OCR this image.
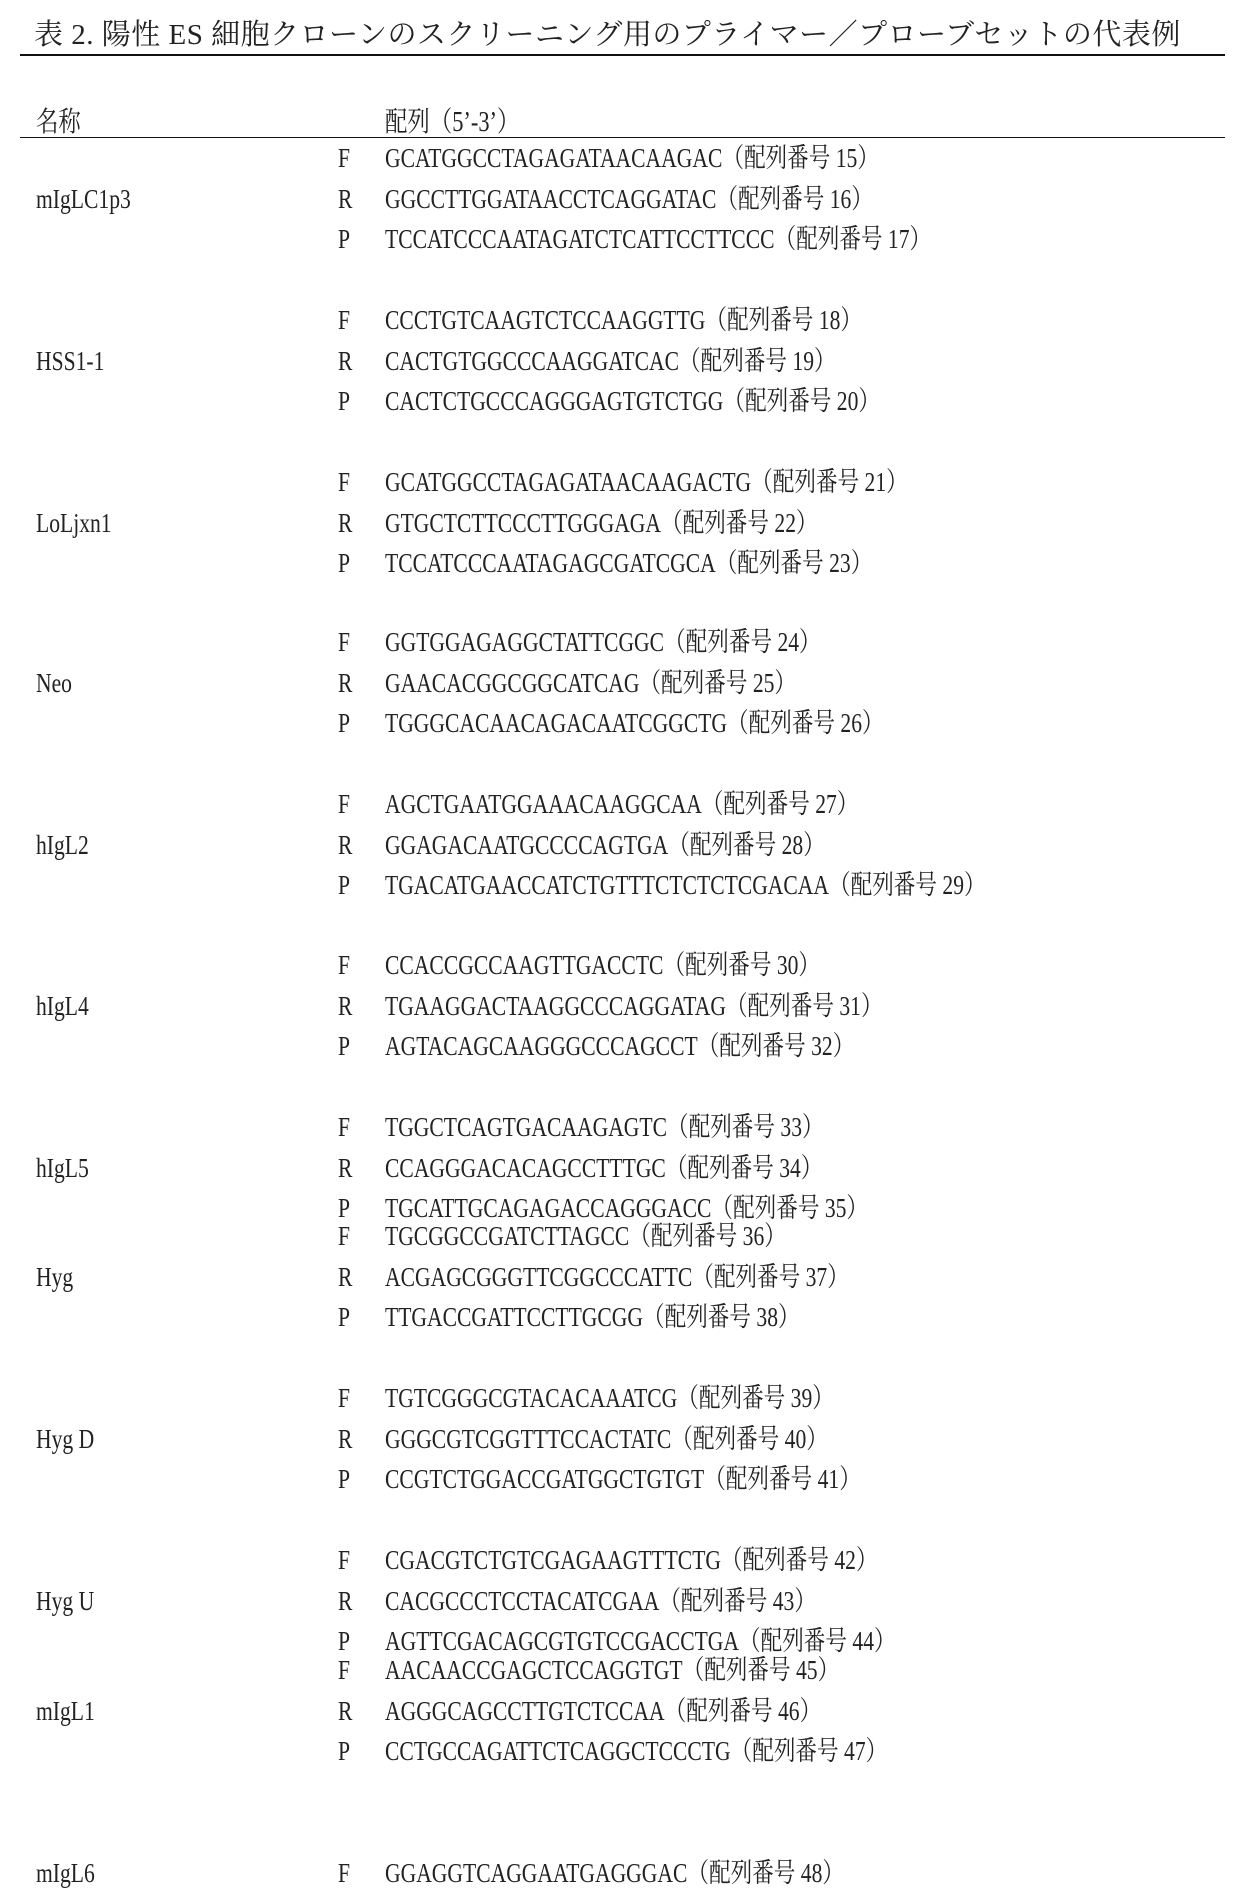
表 2. 陽性 ES 細胞クローンのスクリーニング用のプライマー／プローブセットの代表例
名称	配列（5’-3’）
mIgLC1p3
F GCATGGCCTAGAGATAACAAGAC（配列番号 15）
R GGCCTTGGATAACCTCAGGATAC（配列番号 16）
P TCCATCCCAATAGATCTCATTCCTTCCC（配列番号 17）
HSS1-1
F CCCTGTCAAGTCTCCAAGGTTG（配列番号 18）
R CACTGTGGCCCAAGGATCAC（配列番号 19）
P CACTCTGCCCAGGGAGTGTCTGG（配列番号 20）
LoLjxn1
F GCATGGCCTAGAGATAACAAGACTG（配列番号 21）
R GTGCTCTTCCCTTGGGAGA（配列番号 22）
P TCCATCCCAATAGAGCGATCGCA（配列番号 23）
Neo
F GGTGGAGAGGCTATTCGGC（配列番号 24）
R GAACACGGCGGCATCAG（配列番号 25）
P TGGGCACAACAGACAATCGGCTG（配列番号 26）
hIgL2
F AGCTGAATGGAAACAAGGCAA（配列番号 27）
R GGAGACAATGCCCCAGTGA（配列番号 28）
P TGACATGAACCATCTGTTTCTCTCTCGACAA（配列番号 29）
hIgL4
F CCACCGCCAAGTTGACCTC（配列番号 30）
R TGAAGGACTAAGGCCCAGGATAG（配列番号 31）
P AGTACAGCAAGGGCCCAGCCT（配列番号 32）
hIgL5
F TGGCTCAGTGACAAGAGTC（配列番号 33）
R CCAGGGACACAGCCTTTGC（配列番号 34）
P TGCATTGCAGAGACCAGGGACC（配列番号 35）
Hyg
F TGCGGCCGATCTTAGCC（配列番号 36）
R ACGAGCGGGTTCGGCCCATTC（配列番号 37）
P TTGACCGATTCCTTGCGG（配列番号 38）
Hyg D
F TGTCGGGCGTACACAAATCG（配列番号 39）
R GGGCGTCGGTTTCCACTATC（配列番号 40）
P CCGTCTGGACCGATGGCTGTGT（配列番号 41）
Hyg U
F CGACGTCTGTCGAGAAGTTTCTG（配列番号 42）
R CACGCCCTCCTACATCGAA（配列番号 43）
P AGTTCGACAGCGTGTCCGACCTGA（配列番号 44）
mIgL1
F AACAACCGAGCTCCAGGTGT（配列番号 45）
R AGGGCAGCCTTGTCTCCAA（配列番号 46）
P CCTGCCAGATTCTCAGGCTCCCTG（配列番号 47）
mIgL6	F GGAGGTCAGGAATGAGGGAC（配列番号 48）
